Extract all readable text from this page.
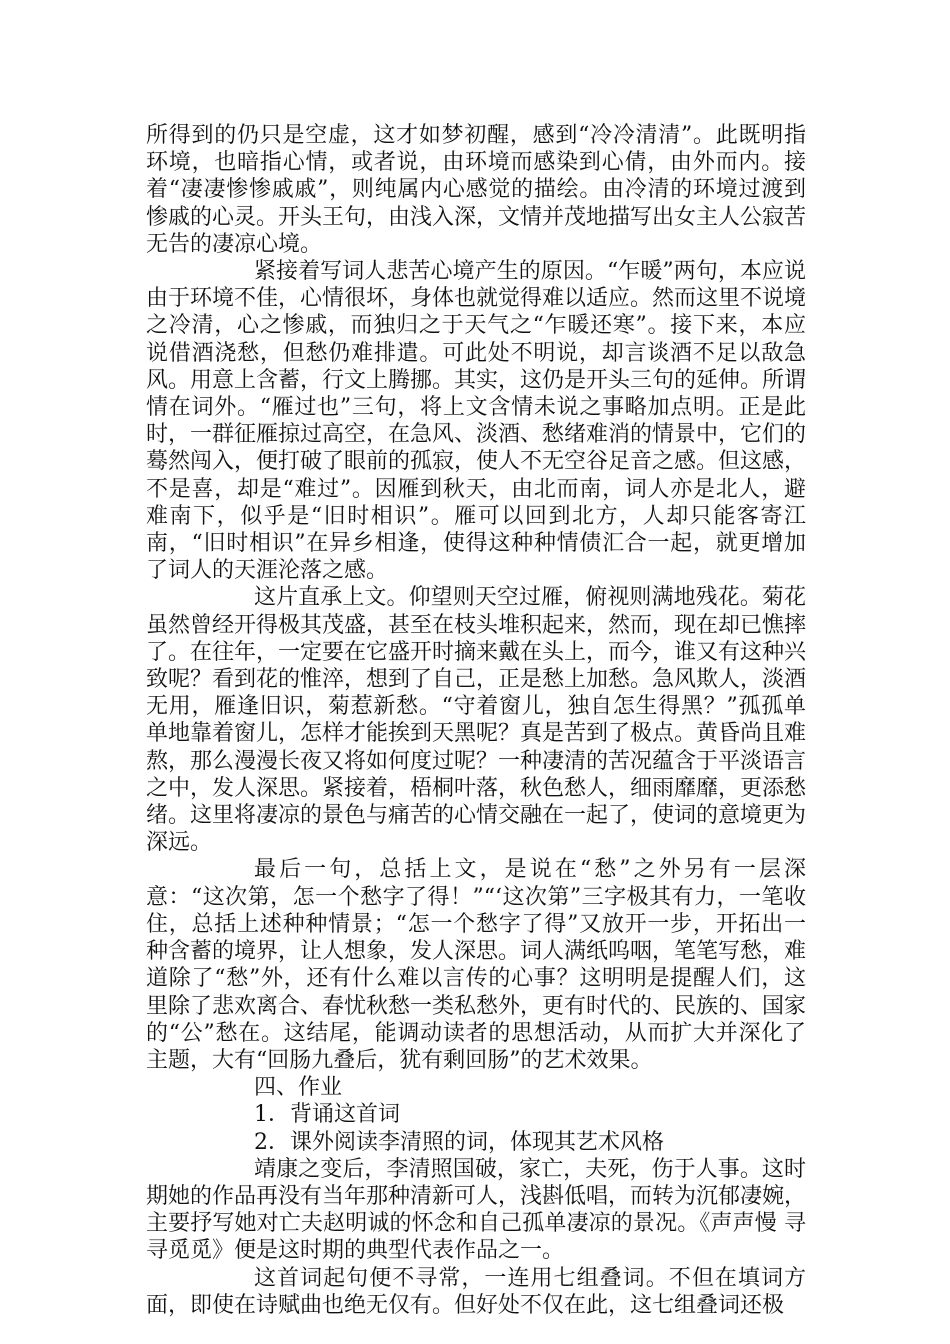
所得到的仍只是空虚，这才如梦初醒，感到“冷冷清清”。此既明指环境，也暗指心情，或者说，由环境而感染到心倩，由外而内。接着“凄凄惨惨戚戚”，则纯属内心感觉的描绘。由冷清的环境过渡到惨戚的心灵。开头王句，由浅入深，文情并茂地描写出女主人公寂苦无告的凄凉心境。

紧接着写词人悲苦心境产生的原因。“乍暖”两句，本应说由于环境不佳，心情很坏，身体也就觉得难以适应。然而这里不说境之冷清，心之惨戚，而独归之于天气之“乍暖还寒”。接下来，本应说借酒浇愁，但愁仍难排遣。可此处不明说，却言谈酒不足以敌急风。用意上含蓄，行文上腾挪。其实，这仍是开头三句的延伸。所谓情在词外。“雁过也”三句，将上文含情未说之事略加点明。正是此时，一群征雁掠过高空，在急风、淡酒、愁绪难消的情景中，它们的蓦然闯入，便打破了眼前的孤寂，使人不无空谷足音之感。但这感，不是喜，却是“难过”。因雁到秋天，由北而南，词人亦是北人，避难南下，似乎是“旧时相识”。雁可以回到北方，人却只能客寄江南，“旧时相识”在异乡相逢，使得这种种情债汇合一起，就更增加了词人的天涯沦落之感。

这片直承上文。仰望则天空过雁，俯视则满地残花。菊花虽然曾经开得极其茂盛，甚至在枝头堆积起来，然而，现在却已憔摔了。在往年，一定要在它盛开时摘来戴在头上，而今，谁又有这种兴致呢？看到花的惟淬，想到了自己，正是愁上加愁。急风欺人，淡酒无用，雁逢旧识，菊惹新愁。“守着窗儿，独自怎生得黑？”孤孤单单地靠着窗儿，怎样才能挨到天黑呢？真是苦到了极点。黄昏尚且难熬，那么漫漫长夜又将如何度过呢？一种凄清的苦况蕴含于平淡语言之中，发人深思。紧接着，梧桐叶落，秋色愁人，细雨靡靡，更添愁绪。这里将凄凉的景色与痛苦的心情交融在一起了，使词的意境更为深远。

最后一句，总括上文，是说在“愁”之外另有一层深意：“这次第，怎一个愁字了得！”“‘这次第”三字极其有力，一笔收住，总括上述种种情景；“怎一个愁字了得”又放开一步，开拓出一种含蓄的境界，让人想象，发人深思。词人满纸呜咽，笔笔写愁，难道除了“愁”外，还有什么难以言传的心事？这明明是提醒人们，这里除了悲欢离合、春忧秋愁一类私愁外，更有时代的、民族的、国家的“公”愁在。这结尾，能调动读者的思想活动，从而扩大并深化了主题，大有“回肠九叠后，犹有剩回肠”的艺术效果。

四、作业

1．背诵这首词

2．课外阅读李清照的词，体现其艺术风格

靖康之变后，李清照国破，家亡，夫死，伤于人事。这时期她的作品再没有当年那种清新可人，浅斟低唱，而转为沉郁凄婉，主要抒写她对亡夫赵明诚的怀念和自己孤单凄凉的景况。《声声慢 寻寻觅觅》便是这时期的典型代表作品之一。

这首词起句便不寻常，一连用七组叠词。不但在填词方面，即使在诗赋曲也绝无仅有。但好处不仅在此，这七组叠词还极
